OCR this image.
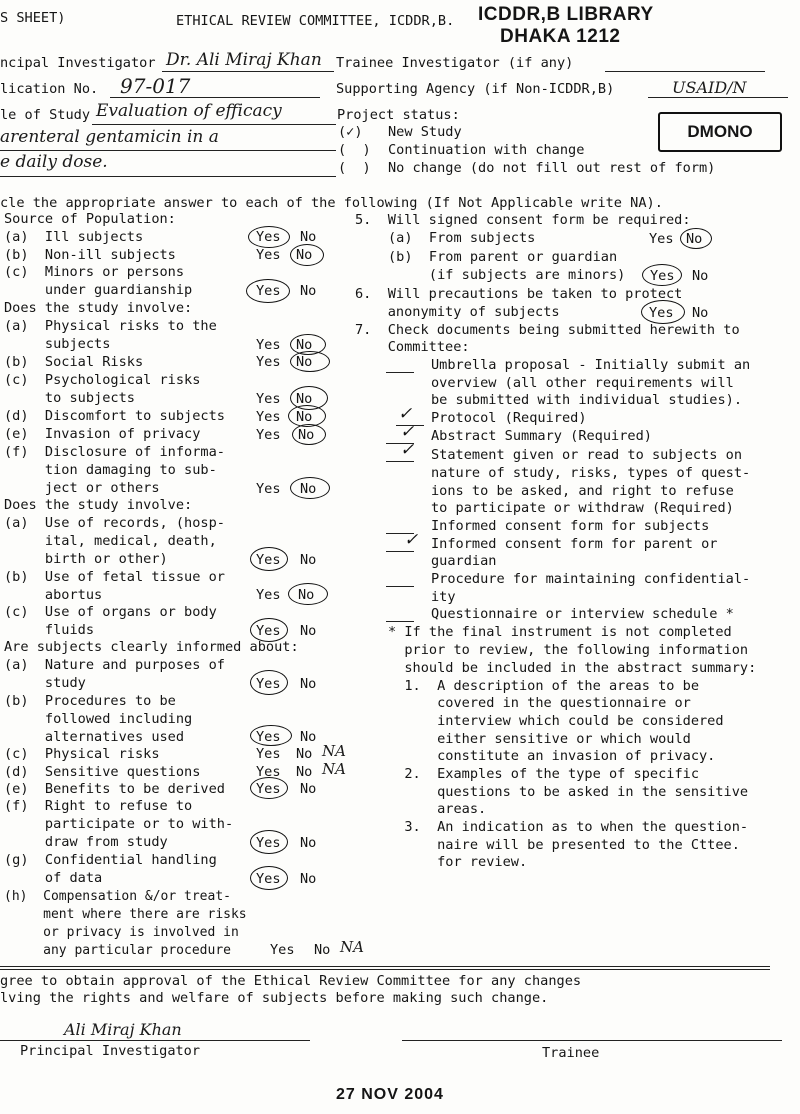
S SHEET)	ETHICAL REVIEW COMMITTEE, ICDDR,B. ICDDR,B LIBRARY
DHAKA 1212
ncipal Investigator Dr. Ali Miraj Khan Trainee Investigator (if any)
lication No. 97-017	Supporting Agency (if Non-ICDDR,B)	USAID/N
le of Study Evaluation of efficacy
arenteral gentamicin in a
e daily dose.
Project status:
(✓) New Study
(  ) Continuation with change
(  ) No change (do not fill out rest of form)
DMONO
cle the appropriate answer to each of the following (If Not Applicable write NA).
Source of Population:
(a)  Ill subjects	Yes No
(b)  Non-ill subjects	Yes No
(c)  Minors or persons
under guardianship	Yes No
Does the study involve:
(a)  Physical risks to the
subjects	Yes No
(b)  Social Risks	Yes No
(c)  Psychological risks
to subjects	Yes No
(d)  Discomfort to subjects Yes No
(e)  Invasion of privacy	Yes No
(f)  Disclosure of informa-
tion damaging to sub-
ject or others	Yes No
Does the study involve:
(a)  Use of records, (hosp-
ital, medical, death,
birth or other)	Yes No
(b)  Use of fetal tissue or
abortus	Yes No
(c)  Use of organs or body
fluids	Yes No
Are subjects clearly informed about:
(a)  Nature and purposes of
study	Yes No
(b)  Procedures to be
followed including
alternatives used	Yes No
(c)  Physical risks	Yes No NA
(d)  Sensitive questions	Yes No NA
(e)  Benefits to be derived Yes No
(f)  Right to refuse to
participate or to with-
draw from study	Yes No
(g)  Confidential handling
of data	Yes No
(h)  Compensation &/or treat-
ment where there are risks
or privacy is involved in
any particular procedure	Yes No NA
5.  Will signed consent form be required:
(a)  From subjects	Yes No
(b)  From parent or guardian
(if subjects are minors) Yes No
6.  Will precautions be taken to protect
anonymity of subjects	Yes No
7.  Check documents being submitted herewith to
Committee:
Umbrella proposal - Initially submit an
overview (all other requirements will
be submitted with individual studies).
✓ Protocol (Required)
✓ Abstract Summary (Required)
✓ Statement given or read to subjects on
nature of study, risks, types of quest-
ions to be asked, and right to refuse
to participate or withdraw (Required)
Informed consent form for subjects
✓ Informed consent form for parent or
guardian
Procedure for maintaining confidential-
ity
Questionnaire or interview schedule *
* If the final instrument is not completed
prior to review, the following information
should be included in the abstract summary:
1.  A description of the areas to be
covered in the questionnaire or
interview which could be considered
either sensitive or which would
constitute an invasion of privacy.
2.  Examples of the type of specific
questions to be asked in the sensitive
areas.
3.  An indication as to when the question-
naire will be presented to the Cttee.
for review.
gree to obtain approval of the Ethical Review Committee for any changes
lving the rights and welfare of subjects before making such change.
Ali Miraj Khan
Principal Investigator	Trainee
27 NOV 2004
